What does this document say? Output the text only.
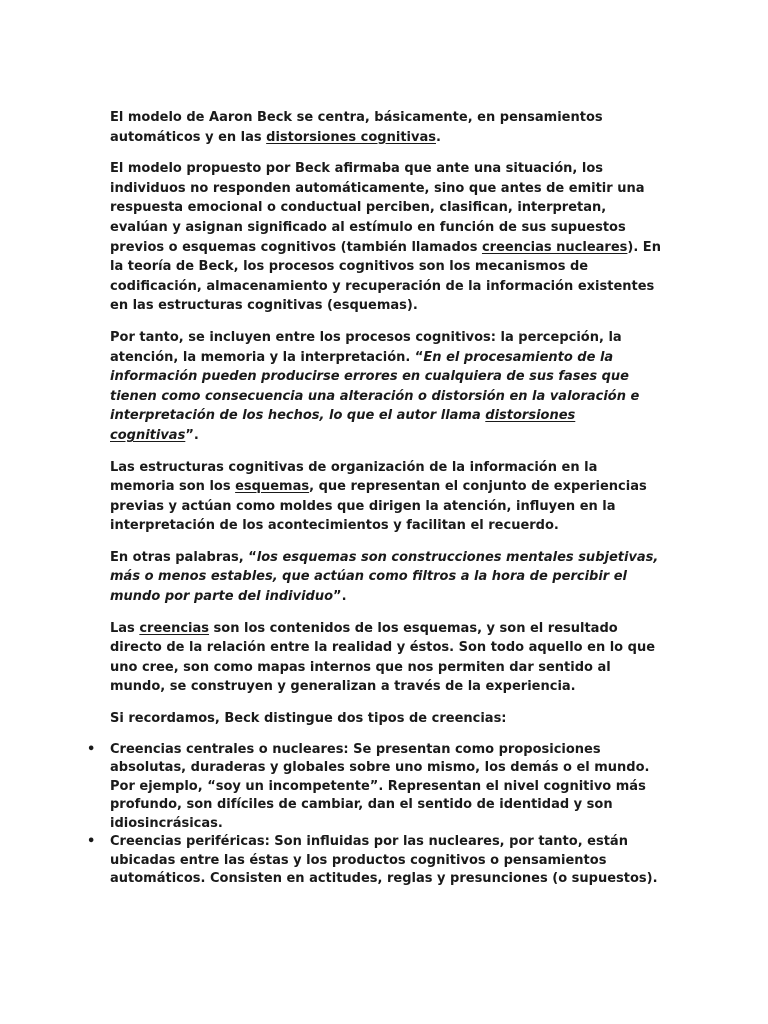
El modelo de Aaron Beck se centra, básicamente, en pensamientos automáticos y en las distorsiones cognitivas.

El modelo propuesto por Beck afirmaba que ante una situación, los individuos no responden automáticamente, sino que antes de emitir una respuesta emocional o conductual perciben, clasifican, interpretan, evalúan y asignan significado al estímulo en función de sus supuestos previos o esquemas cognitivos (también llamados creencias nucleares). En la teoría de Beck, los procesos cognitivos son los mecanismos de codificación, almacenamiento y recuperación de la información existentes en las estructuras cognitivas (esquemas).

Por tanto, se incluyen entre los procesos cognitivos: la percepción, la atención, la memoria y la interpretación. “En el procesamiento de la información pueden producirse errores en cualquiera de sus fases que tienen como consecuencia una alteración o distorsión en la valoración e interpretación de los hechos, lo que el autor llama distorsiones cognitivas”.

Las estructuras cognitivas de organización de la información en la memoria son los esquemas, que representan el conjunto de experiencias previas y actúan como moldes que dirigen la atención, influyen en la interpretación de los acontecimientos y facilitan el recuerdo.

En otras palabras, “los esquemas son construcciones mentales subjetivas, más o menos estables, que actúan como filtros a la hora de percibir el mundo por parte del individuo”.

Las creencias son los contenidos de los esquemas, y son el resultado directo de la relación entre la realidad y éstos. Son todo aquello en lo que uno cree, son como mapas internos que nos permiten dar sentido al mundo, se construyen y generalizan a través de la experiencia.

Si recordamos, Beck distingue dos tipos de creencias:

• Creencias centrales o nucleares: Se presentan como proposiciones absolutas, duraderas y globales sobre uno mismo, los demás o el mundo. Por ejemplo, “soy un incompetente”. Representan el nivel cognitivo más profundo, son difíciles de cambiar, dan el sentido de identidad y son idiosincrásicas.
• Creencias periféricas: Son influidas por las nucleares, por tanto, están ubicadas entre las éstas y los productos cognitivos o pensamientos automáticos. Consisten en actitudes, reglas y presunciones (o supuestos).
